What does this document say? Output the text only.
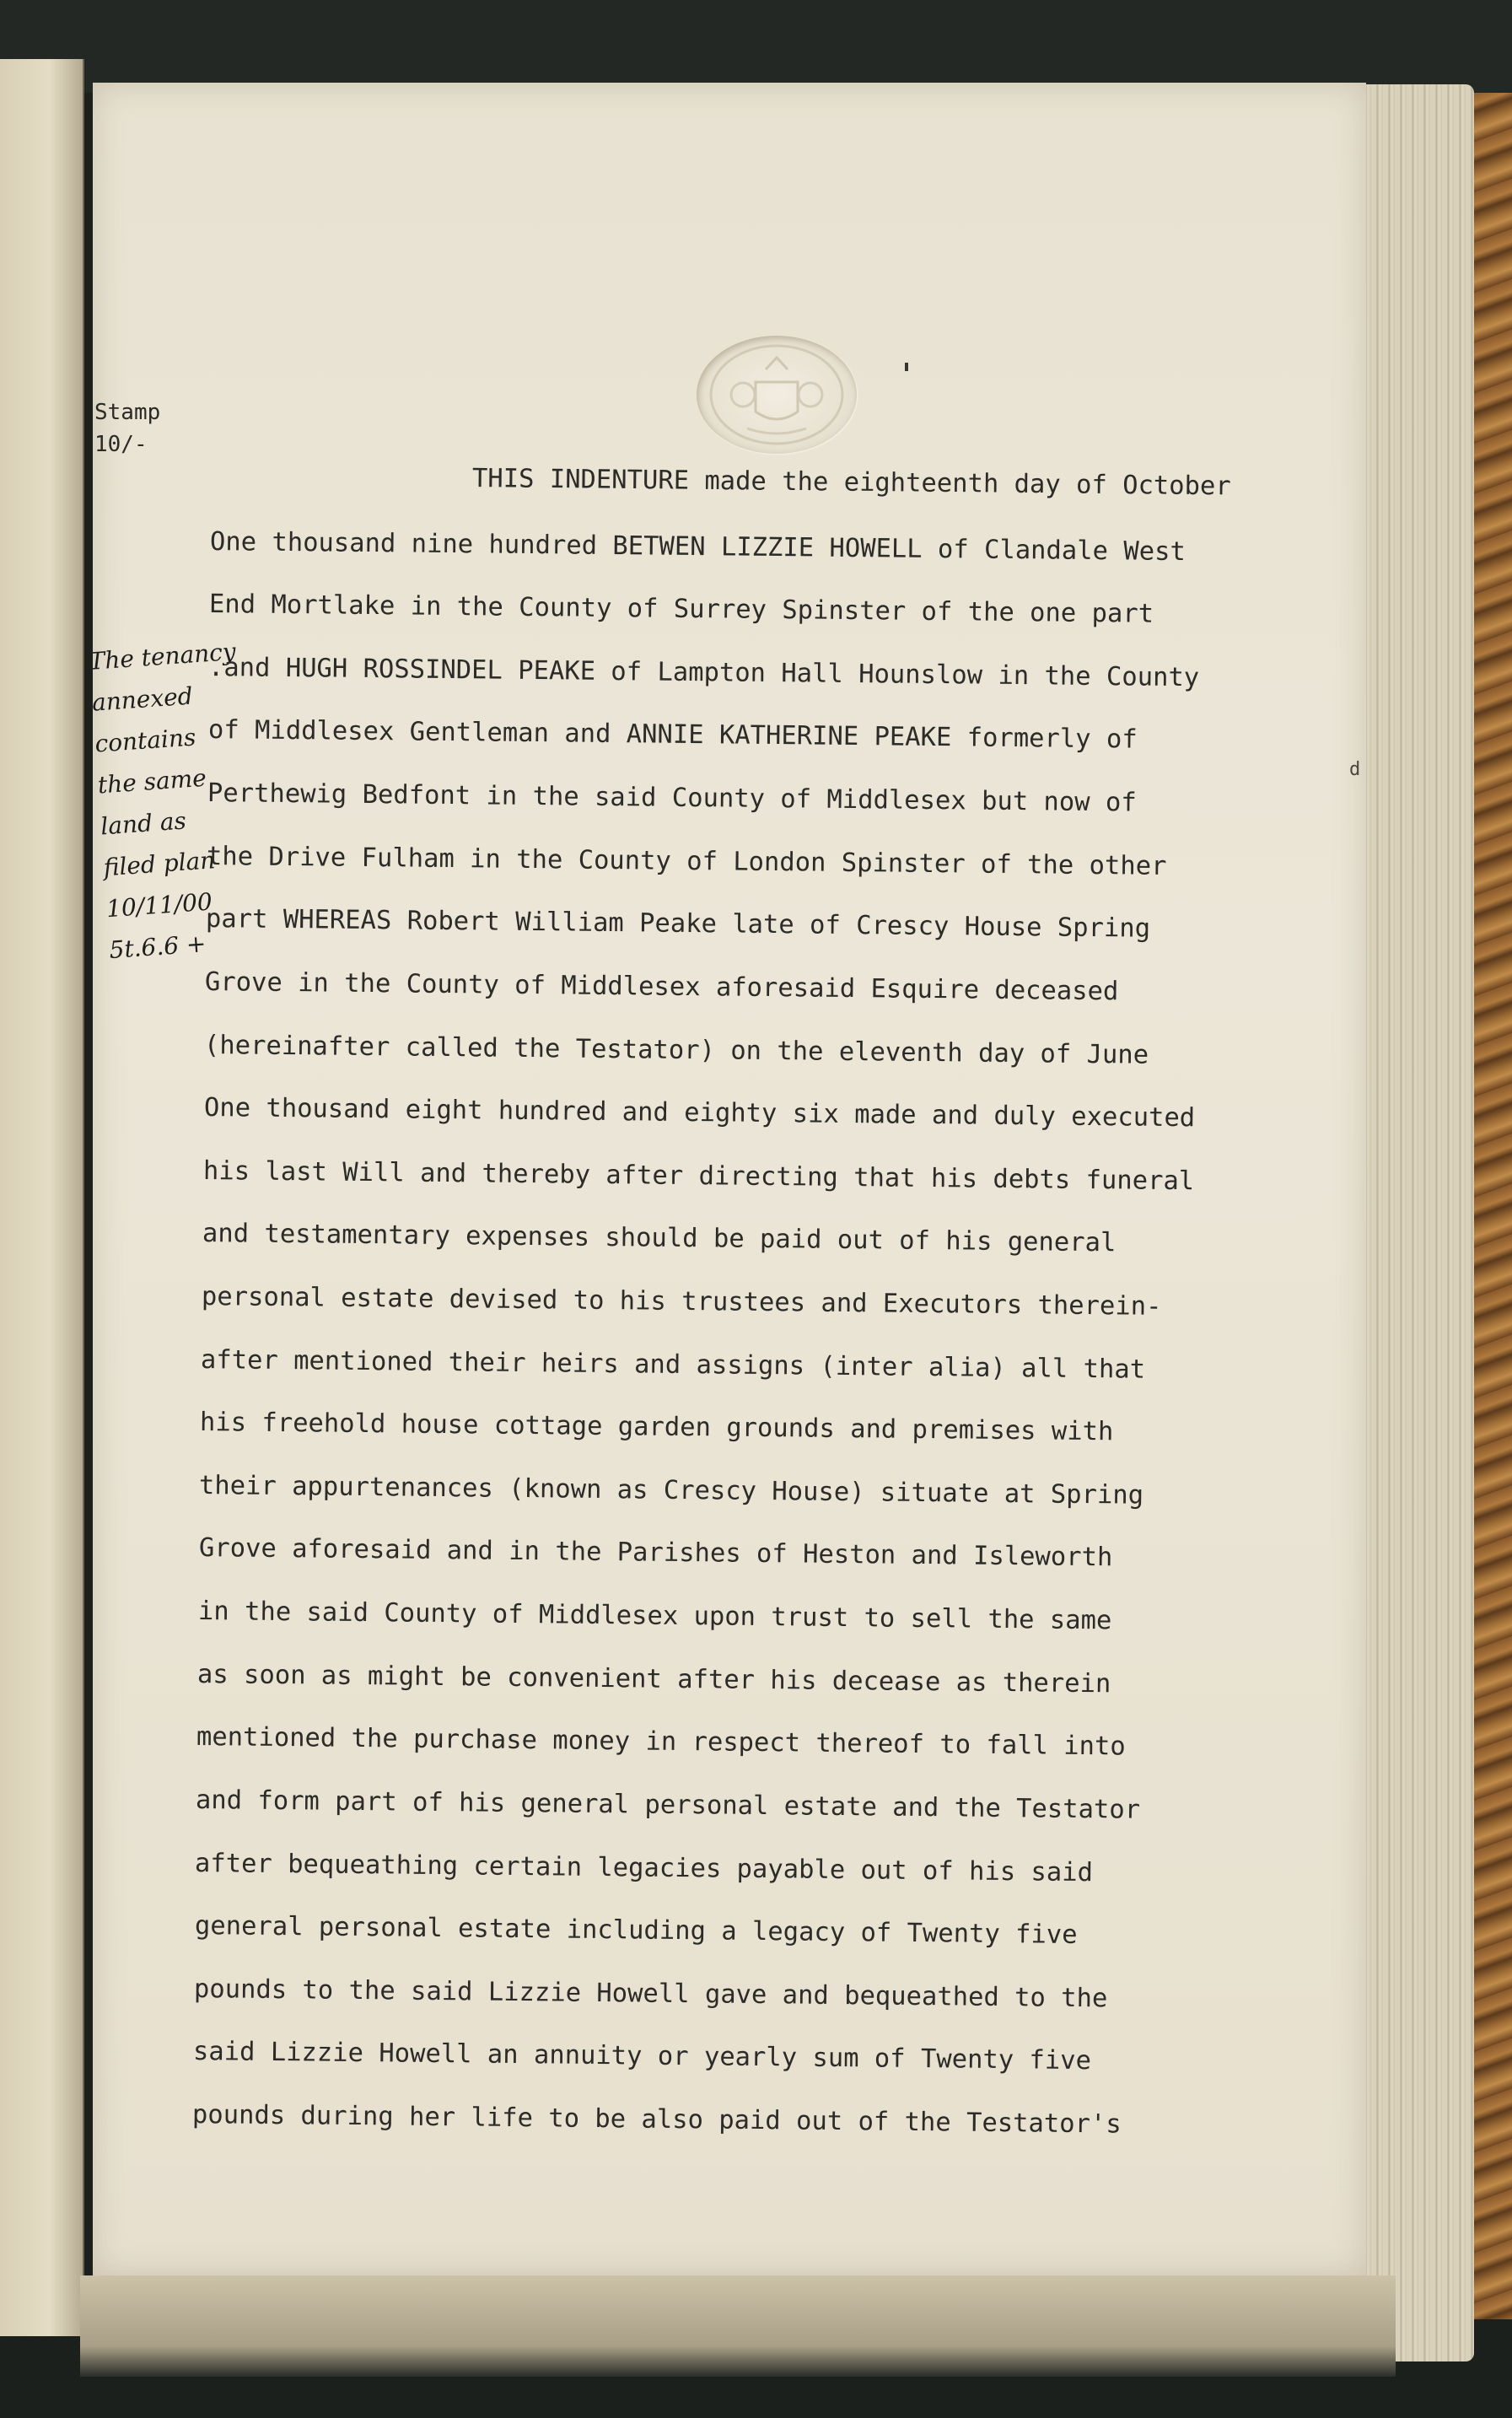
Stamp
10/-
The tenancy
annexed
contains
the same
land as
filed plan
10/11/00
5t.6.6 +
d
THIS INDENTURE made the eighteenth day of October
One thousand nine hundred BETWEN LIZZIE HOWELL of Clandale West
End Mortlake in the County of Surrey Spinster of the one part
.and HUGH ROSSINDEL PEAKE of Lampton Hall Hounslow in the County
of Middlesex Gentleman and ANNIE KATHERINE PEAKE formerly of
Perthewig Bedfont in the said County of Middlesex but now of
the Drive Fulham in the County of London Spinster of the other
part WHEREAS Robert William Peake late of Crescy House Spring
Grove in the County of Middlesex aforesaid Esquire deceased
(hereinafter called the Testator) on the eleventh day of June
One thousand eight hundred and eighty six made and duly executed
his last Will and thereby after directing that his debts funeral
and testamentary expenses should be paid out of his general
personal estate devised to his trustees and Executors therein-
after mentioned their heirs and assigns (inter alia) all that
his freehold house cottage garden grounds and premises with
their appurtenances (known as Crescy House) situate at Spring
Grove aforesaid and in the Parishes of Heston and Isleworth
in the said County of Middlesex upon trust to sell the same
as soon as might be convenient after his decease as therein
mentioned the purchase money in respect thereof to fall into
and form part of his general personal estate and the Testator
after bequeathing certain legacies payable out of his said
general personal estate including a legacy of Twenty five
pounds to the said Lizzie Howell gave and bequeathed to the
said Lizzie Howell an annuity or yearly sum of Twenty five
pounds during her life to be also paid out of the Testator's
